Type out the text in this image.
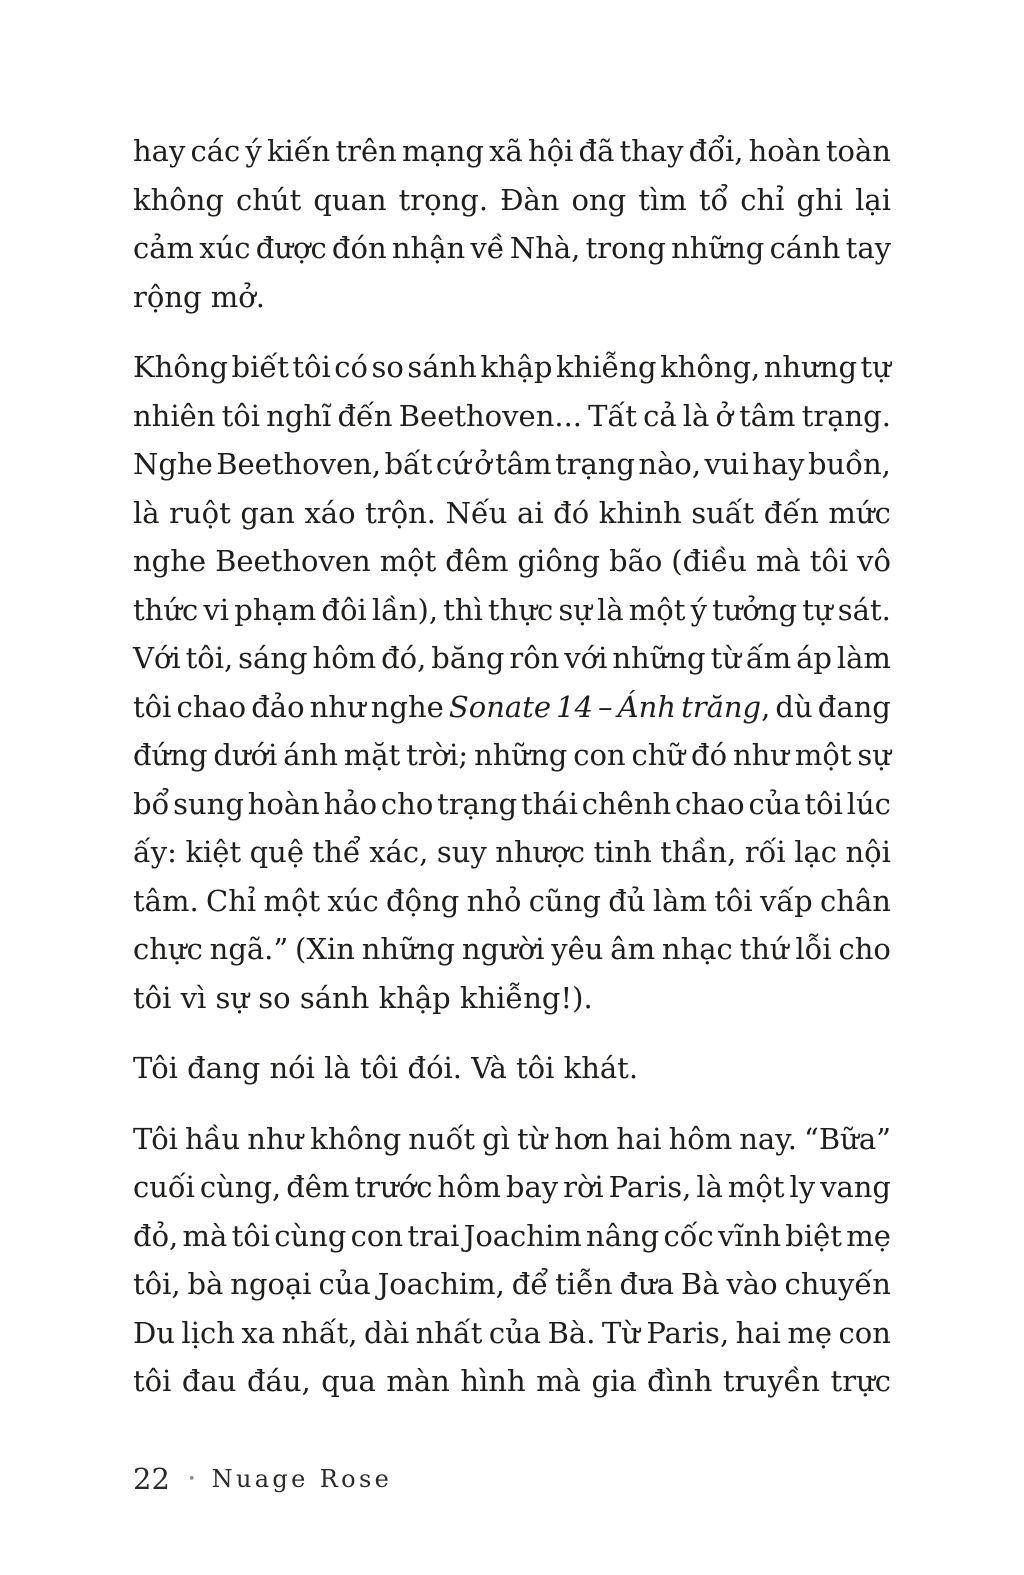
hay các ý kiến trên mạng xã hội đã thay đổi, hoàn toàn
không chút quan trọng. Đàn ong tìm tổ chỉ ghi lại
cảm xúc được đón nhận về Nhà, trong những cánh tay
rộng mở.
Không biết tôi có so sánh khập khiễng không, nhưng tự
nhiên tôi nghĩ đến Beethoven... Tất cả là ở tâm trạng.
Nghe Beethoven, bất cứ ở tâm trạng nào, vui hay buồn,
là ruột gan xáo trộn. Nếu ai đó khinh suất đến mức
nghe Beethoven một đêm giông bão (điều mà tôi vô
thức vi phạm đôi lần), thì thực sự là một ý tưởng tự sát.
Với tôi, sáng hôm đó, băng rôn với những từ ấm áp làm
tôi chao đảo như nghe Sonate 14 – Ánh trăng, dù đang
đứng dưới ánh mặt trời; những con chữ đó như một sự
bổ sung hoàn hảo cho trạng thái chênh chao của tôi lúc
ấy: kiệt quệ thể xác, suy nhược tinh thần, rối lạc nội
tâm. Chỉ một xúc động nhỏ cũng đủ làm tôi vấp chân
chực ngã.” (Xin những người yêu âm nhạc thứ lỗi cho
tôi vì sự so sánh khập khiễng!).
Tôi đang nói là tôi đói. Và tôi khát.
Tôi hầu như không nuốt gì từ hơn hai hôm nay. “Bữa”
cuối cùng, đêm trước hôm bay rời Paris, là một ly vang
đỏ, mà tôi cùng con trai Joachim nâng cốc vĩnh biệt mẹ
tôi, bà ngoại của Joachim, để tiễn đưa Bà vào chuyến
Du lịch xa nhất, dài nhất của Bà. Từ Paris, hai mẹ con
tôi đau đáu, qua màn hình mà gia đình truyền trực
22 • Nuage Rose
